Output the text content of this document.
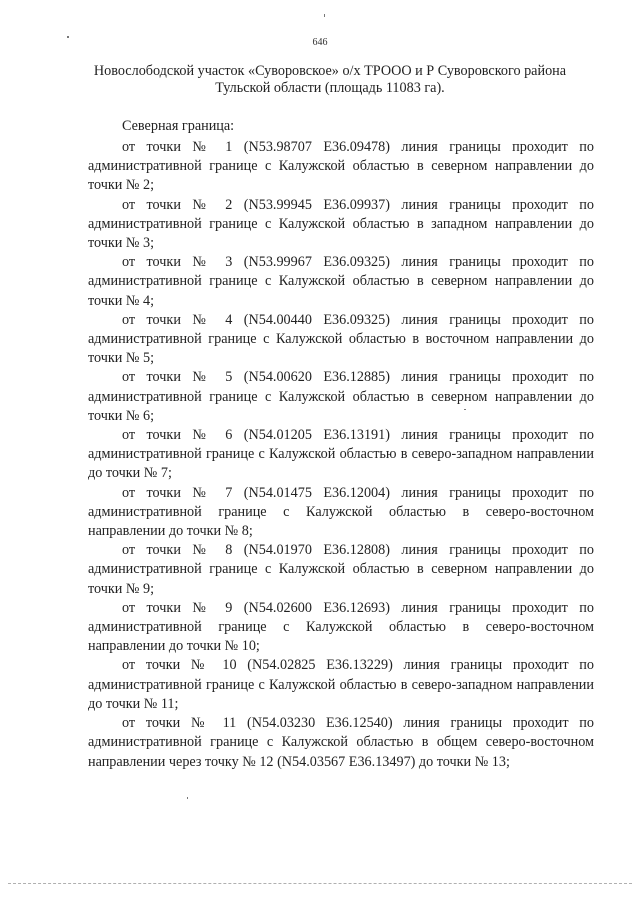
646
Новослободской участок «Суворовское» о/х ТРООО и Р Суворовского района Тульской области (площадь 11083 га).
Северная граница:

от точки № 1 (N53.98707 E36.09478) линия границы проходит по административной границе с Калужской областью в северном направлении до точки № 2;

от точки № 2 (N53.99945 E36.09937) линия границы проходит по административной границе с Калужской областью в западном направлении до точки № 3;

от точки № 3 (N53.99967 E36.09325) линия границы проходит по административной границе с Калужской областью в северном направлении до точки № 4;

от точки № 4 (N54.00440 E36.09325) линия границы проходит по административной границе с Калужской областью в восточном направлении до точки № 5;

от точки № 5 (N54.00620 E36.12885) линия границы проходит по административной границе с Калужской областью в северном направлении до точки № 6;

от точки № 6 (N54.01205 E36.13191) линия границы проходит по административной границе с Калужской областью в северо-западном направлении до точки № 7;

от точки № 7 (N54.01475 E36.12004) линия границы проходит по административной границе с Калужской областью в северо-восточном направлении до точки № 8;

от точки № 8 (N54.01970 E36.12808) линия границы проходит по административной границе с Калужской областью в северном направлении до точки № 9;

от точки № 9 (N54.02600 E36.12693) линия границы проходит по административной границе с Калужской областью в северо-восточном направлении до точки № 10;

от точки № 10 (N54.02825 E36.13229) линия границы проходит по административной границе с Калужской областью в северо-западном направлении до точки № 11;

от точки № 11 (N54.03230 E36.12540) линия границы проходит по административной границе с Калужской областью в общем северо-восточном направлении через точку № 12 (N54.03567 E36.13497) до точки № 13;
